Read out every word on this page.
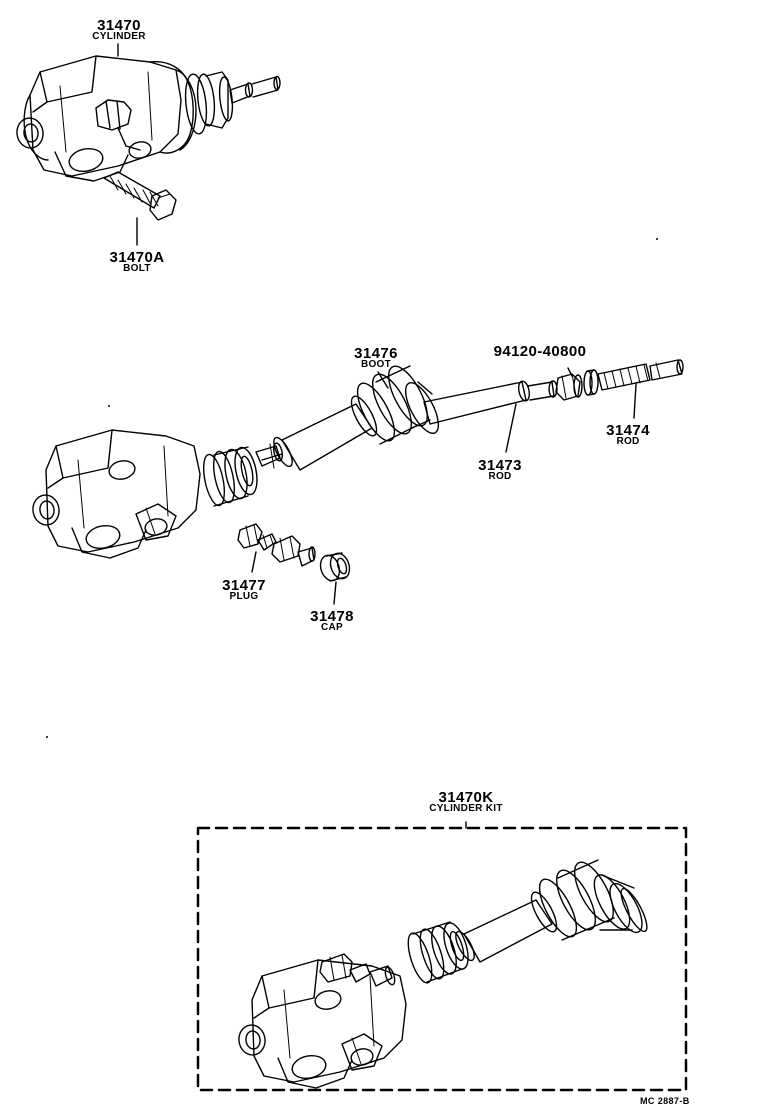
31470
CYLINDER
31470A
BOLT
31476
BOOT
94120-40800
31474
ROD
31473
ROD
31477
PLUG
31478
CAP
31470K
CYLINDER KIT
MC 2887-B
